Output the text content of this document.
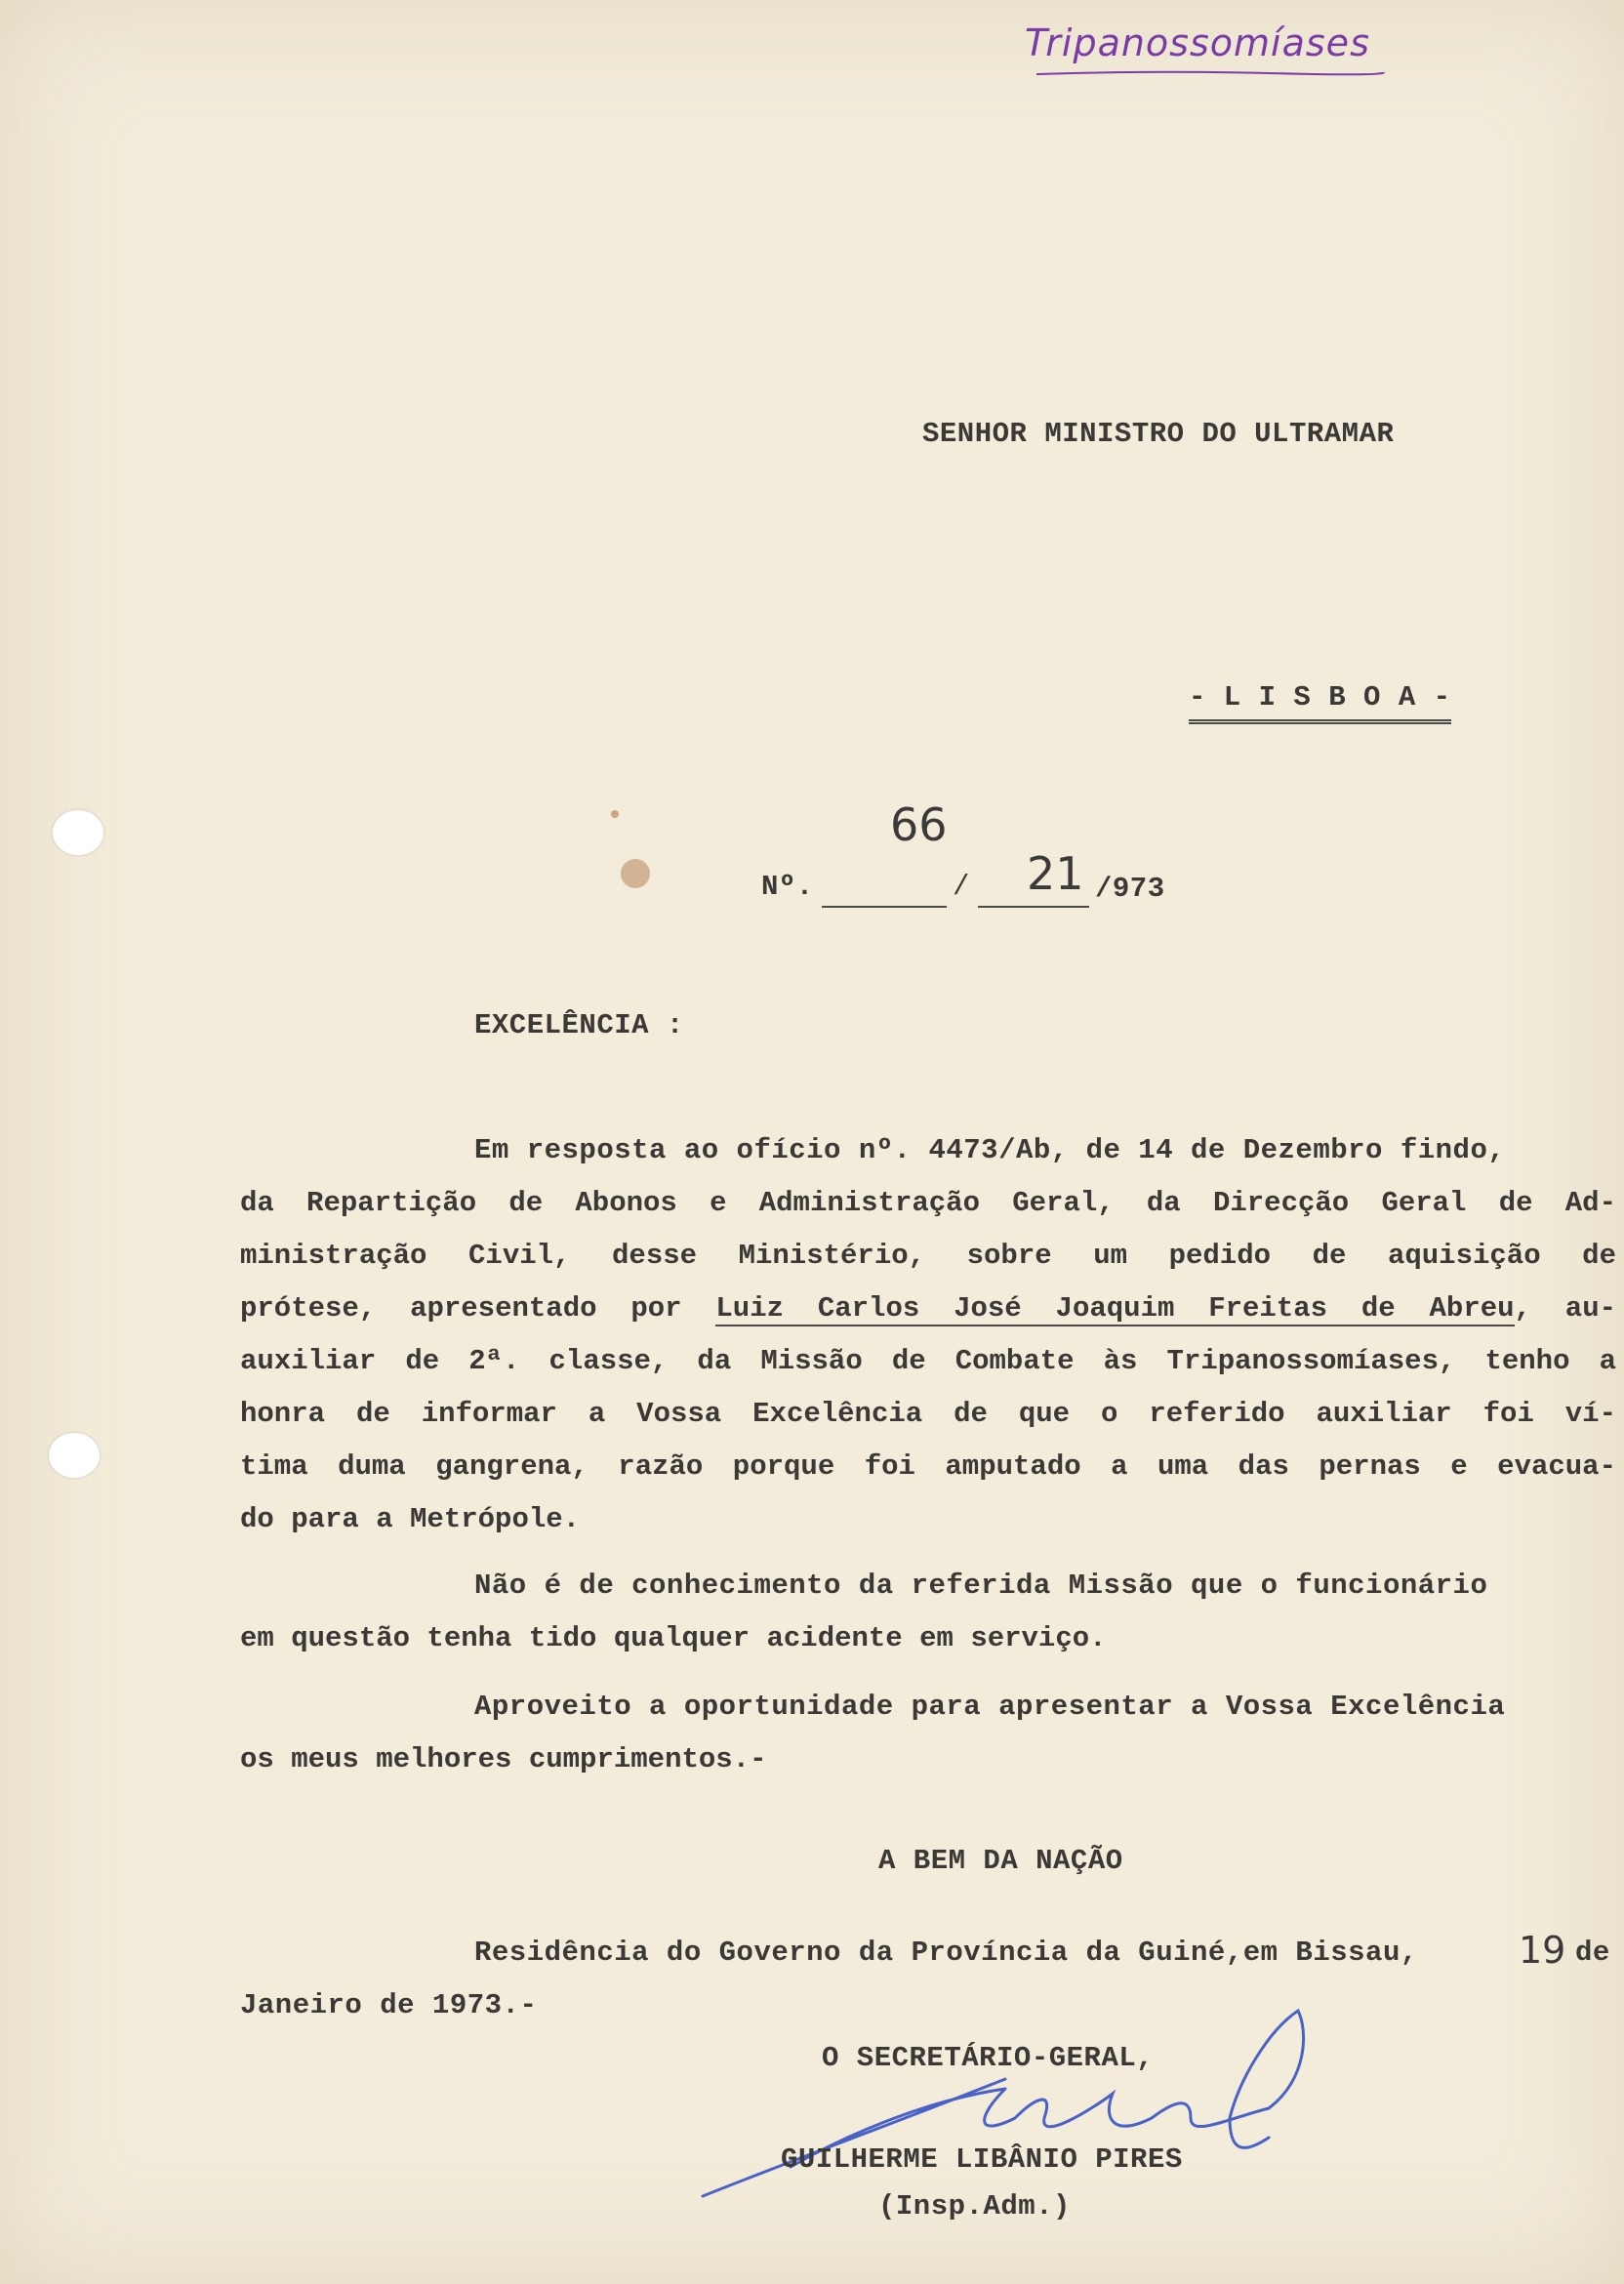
Tripanossomíases
SENHOR MINISTRO DO ULTRAMAR
- L I S B O A -
66
Nº.	/ 21 /973
EXCELÊNCIA :
Em resposta ao ofício nº. 4473/Ab, de 14 de Dezembro findo,
da Repartição de Abonos e Administração Geral, da Direcção Geral de Ad-
ministração Civil, desse Ministério, sobre um pedido de aquisição de
prótese, apresentado por Luiz Carlos José Joaquim Freitas de Abreu, au-
auxiliar de 2ª. classe, da Missão de Combate às Tripanossomíases, tenho a
honra de informar a Vossa Excelência de que o referido auxiliar foi ví-
tima duma gangrena, razão porque foi amputado a uma das pernas e evacua-
do para a Metrópole.
Não é de conhecimento da referida Missão que o funcionário
em questão tenha tido qualquer acidente em serviço.
Aproveito a oportunidade para apresentar a Vossa Excelência
os meus melhores cumprimentos.-
A BEM DA NAÇÃO
Residência do Governo da Província da Guiné,em Bissau,	19 de
Janeiro de 1973.-
O SECRETÁRIO-GERAL,
GUILHERME LIBÂNIO PIRES
(Insp.Adm.)
